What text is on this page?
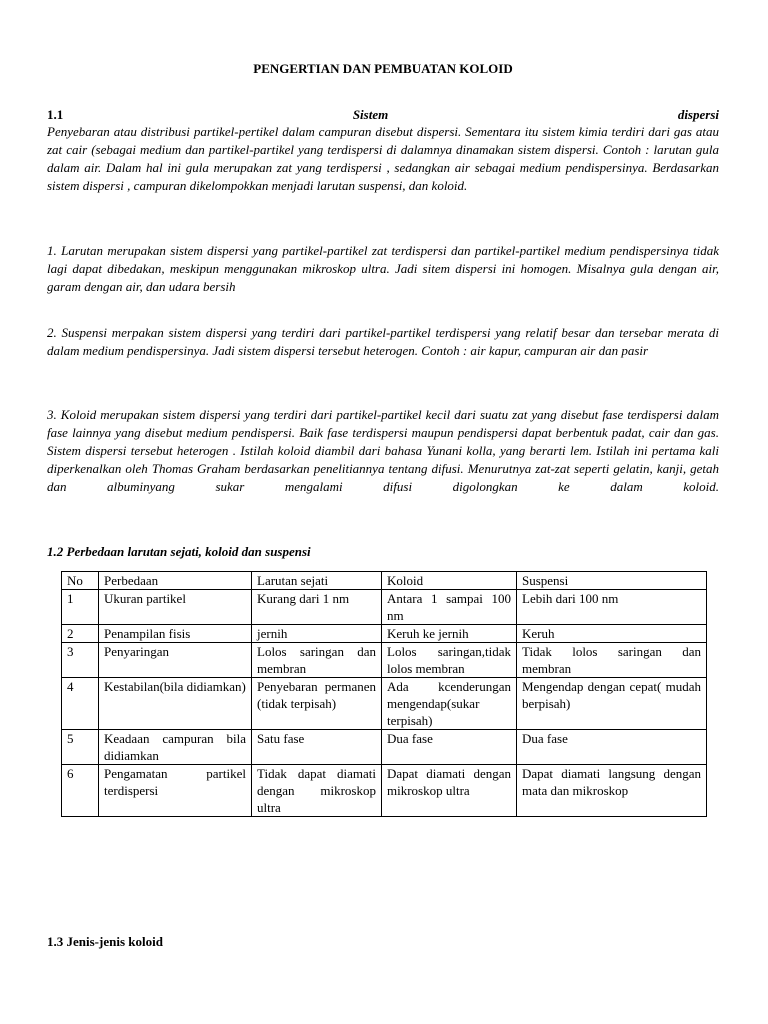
PENGERTIAN DAN PEMBUATAN KOLOID
1.1	Sistem	dispersi

Penyebaran atau distribusi partikel-pertikel dalam campuran disebut dispersi. Sementara itu sistem kimia terdiri dari gas atau zat cair (sebagai medium dan partikel-partikel yang terdispersi di dalamnya dinamakan sistem dispersi. Contoh : larutan gula dalam air. Dalam hal ini gula merupakan zat yang terdispersi , sedangkan air sebagai medium pendispersinya. Berdasarkan sistem dispersi , campuran dikelompokkan menjadi larutan suspensi, dan koloid.

1. Larutan merupakan sistem dispersi yang partikel-partikel zat terdispersi dan partikel-partikel medium pendispersinya tidak lagi dapat dibedakan, meskipun menggunakan mikroskop ultra. Jadi sitem dispersi ini homogen. Misalnya gula dengan air, garam dengan air, dan udara bersih

2. Suspensi merpakan sistem dispersi yang terdiri dari partikel-partikel terdispersi yang relatif besar dan tersebar merata di dalam medium pendispersinya. Jadi sistem dispersi tersebut heterogen. Contoh : air kapur, campuran air dan pasir

3. Koloid merupakan sistem dispersi yang terdiri dari partikel-partikel kecil dari suatu zat yang disebut fase terdispersi dalam fase lainnya yang disebut medium pendispersi. Baik fase terdispersi maupun pendispersi dapat berbentuk padat, cair dan gas. Sistem dispersi tersebut heterogen . Istilah koloid diambil dari bahasa Yunani kolla, yang berarti lem. Istilah ini pertama kali diperkenalkan oleh Thomas Graham berdasarkan penelitiannya tentang difusi. Menurutnya zat-zat seperti gelatin, kanji, getah dan albuminyang sukar mengalami difusi digolongkan ke dalam koloid.

1.2 Perbedaan larutan sejati, koloid dan suspensi
No	Perbedaan	Larutan sejati	Koloid	Suspensi
1	Ukuran partikel	Kurang dari 1 nm	Antara 1 sampai 100 nm	Lebih dari 100 nm
2	Penampilan fisis	jernih	Keruh ke jernih	Keruh
3	Penyaringan	Lolos saringan dan membran	Lolos saringan,tidak lolos membran	Tidak lolos saringan dan membran
4	Kestabilan(bila didiamkan)	Penyebaran permanen (tidak terpisah)	Ada kcenderungan mengendap(sukar terpisah)	Mengendap dengan cepat( mudah berpisah)
5	Keadaan campuran bila didiamkan	Satu fase	Dua fase	Dua fase
6	Pengamatan partikel terdispersi	Tidak dapat diamati dengan mikroskop ultra	Dapat diamati dengan mikroskop ultra	Dapat diamati langsung dengan mata dan mikroskop
1.3 Jenis-jenis koloid
